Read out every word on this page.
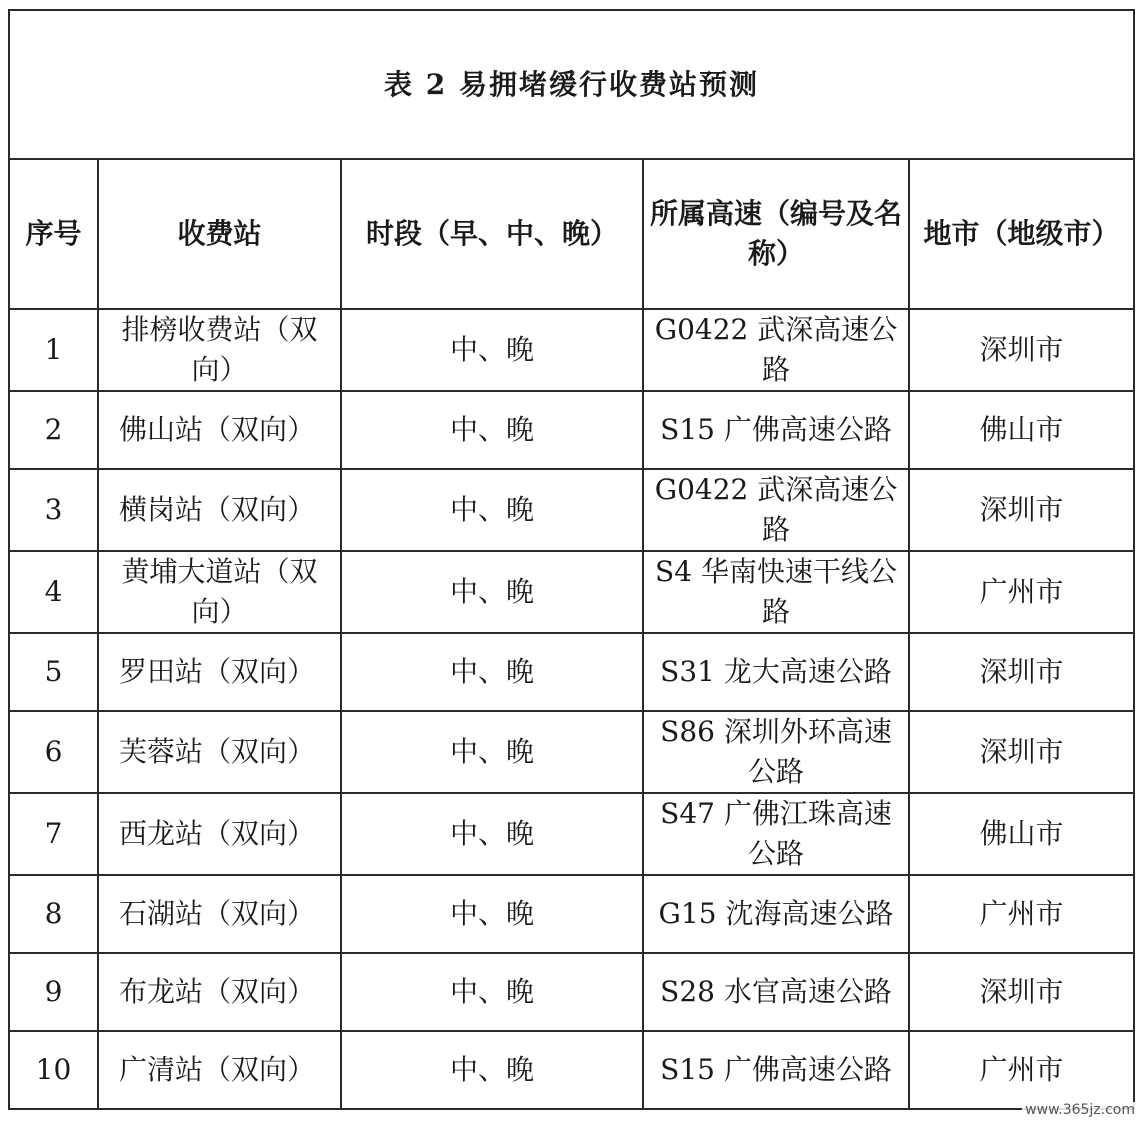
表 2 易拥堵缓行收费站预测				
序号	收费站	时段（早、中、晚）	所属高速（编号及名称）	地市（地级市）
1	排榜收费站（双向）	中、晚	G0422 武深高速公路	深圳市
2	佛山站（双向）	中、晚	S15 广佛高速公路	佛山市
3	横岗站（双向）	中、晚	G0422 武深高速公路	深圳市
4	黄埔大道站（双向）	中、晚	S4 华南快速干线公路	广州市
5	罗田站（双向）	中、晚	S31 龙大高速公路	深圳市
6	芙蓉站（双向）	中、晚	S86 深圳外环高速公路	深圳市
7	西龙站（双向）	中、晚	S47 广佛江珠高速公路	佛山市
8	石湖站（双向）	中、晚	G15 沈海高速公路	广州市
9	布龙站（双向）	中、晚	S28 水官高速公路	深圳市
10	广清站（双向）	中、晚	S15 广佛高速公路	广州市
www.365jz.com
